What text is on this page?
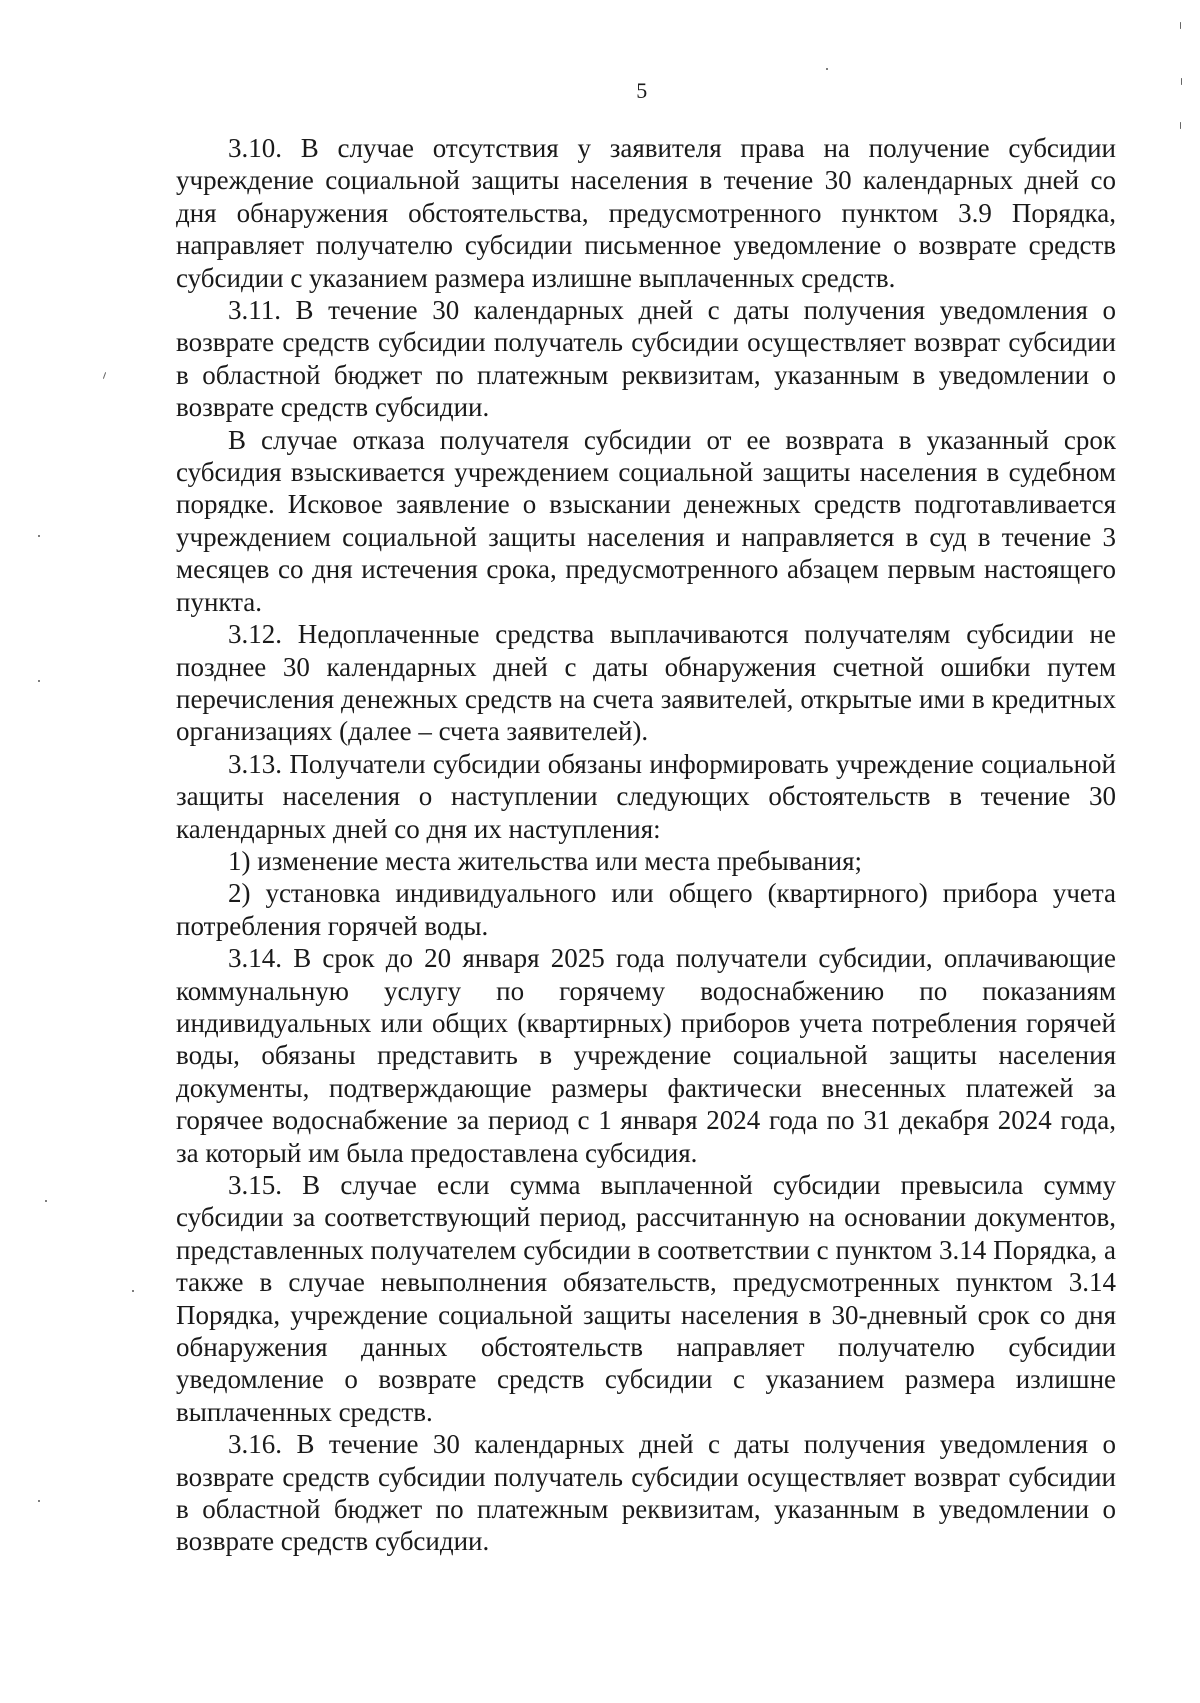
5

3.10. В случае отсутствия у заявителя права на получение субсидии учреждение социальной защиты населения в течение 30 календарных дней со дня обнаружения обстоятельства, предусмотренного пунктом 3.9 Порядка, направляет получателю субсидии письменное уведомление о возврате средств субсидии с указанием размера излишне выплаченных средств.

3.11. В течение 30 календарных дней с даты получения уведомления о возврате средств субсидии получатель субсидии осуществляет возврат субсидии в областной бюджет по платежным реквизитам, указанным в уведомлении о возврате средств субсидии.

В случае отказа получателя субсидии от ее возврата в указанный срок субсидия взыскивается учреждением социальной защиты населения в судебном порядке. Исковое заявление о взыскании денежных средств подготавливается учреждением социальной защиты населения и направляется в суд в течение 3 месяцев со дня истечения срока, предусмотренного абзацем первым настоящего пункта.

3.12. Недоплаченные средства выплачиваются получателям субсидии не позднее 30 календарных дней с даты обнаружения счетной ошибки путем перечисления денежных средств на счета заявителей, открытые ими в кредитных организациях (далее – счета заявителей).

3.13. Получатели субсидии обязаны информировать учреждение социальной защиты населения о наступлении следующих обстоятельств в течение 30 календарных дней со дня их наступления:

1) изменение места жительства или места пребывания;

2) установка индивидуального или общего (квартирного) прибора учета потребления горячей воды.

3.14. В срок до 20 января 2025 года получатели субсидии, оплачивающие коммунальную услугу по горячему водоснабжению по показаниям индивидуальных или общих (квартирных) приборов учета потребления горячей воды, обязаны представить в учреждение социальной защиты населения документы, подтверждающие размеры фактически внесенных платежей за горячее водоснабжение за период с 1 января 2024 года по 31 декабря 2024 года, за который им была предоставлена субсидия.

3.15. В случае если сумма выплаченной субсидии превысила сумму субсидии за соответствующий период, рассчитанную на основании документов, представленных получателем субсидии в соответствии с пунктом 3.14 Порядка, а также в случае невыполнения обязательств, предусмотренных пунктом 3.14 Порядка, учреждение социальной защиты населения в 30-дневный срок со дня обнаружения данных обстоятельств направляет получателю субсидии уведомление о возврате средств субсидии с указанием размера излишне выплаченных средств.

3.16. В течение 30 календарных дней с даты получения уведомления о возврате средств субсидии получатель субсидии осуществляет возврат субсидии в областной бюджет по платежным реквизитам, указанным в уведомлении о возврате средств субсидии.
